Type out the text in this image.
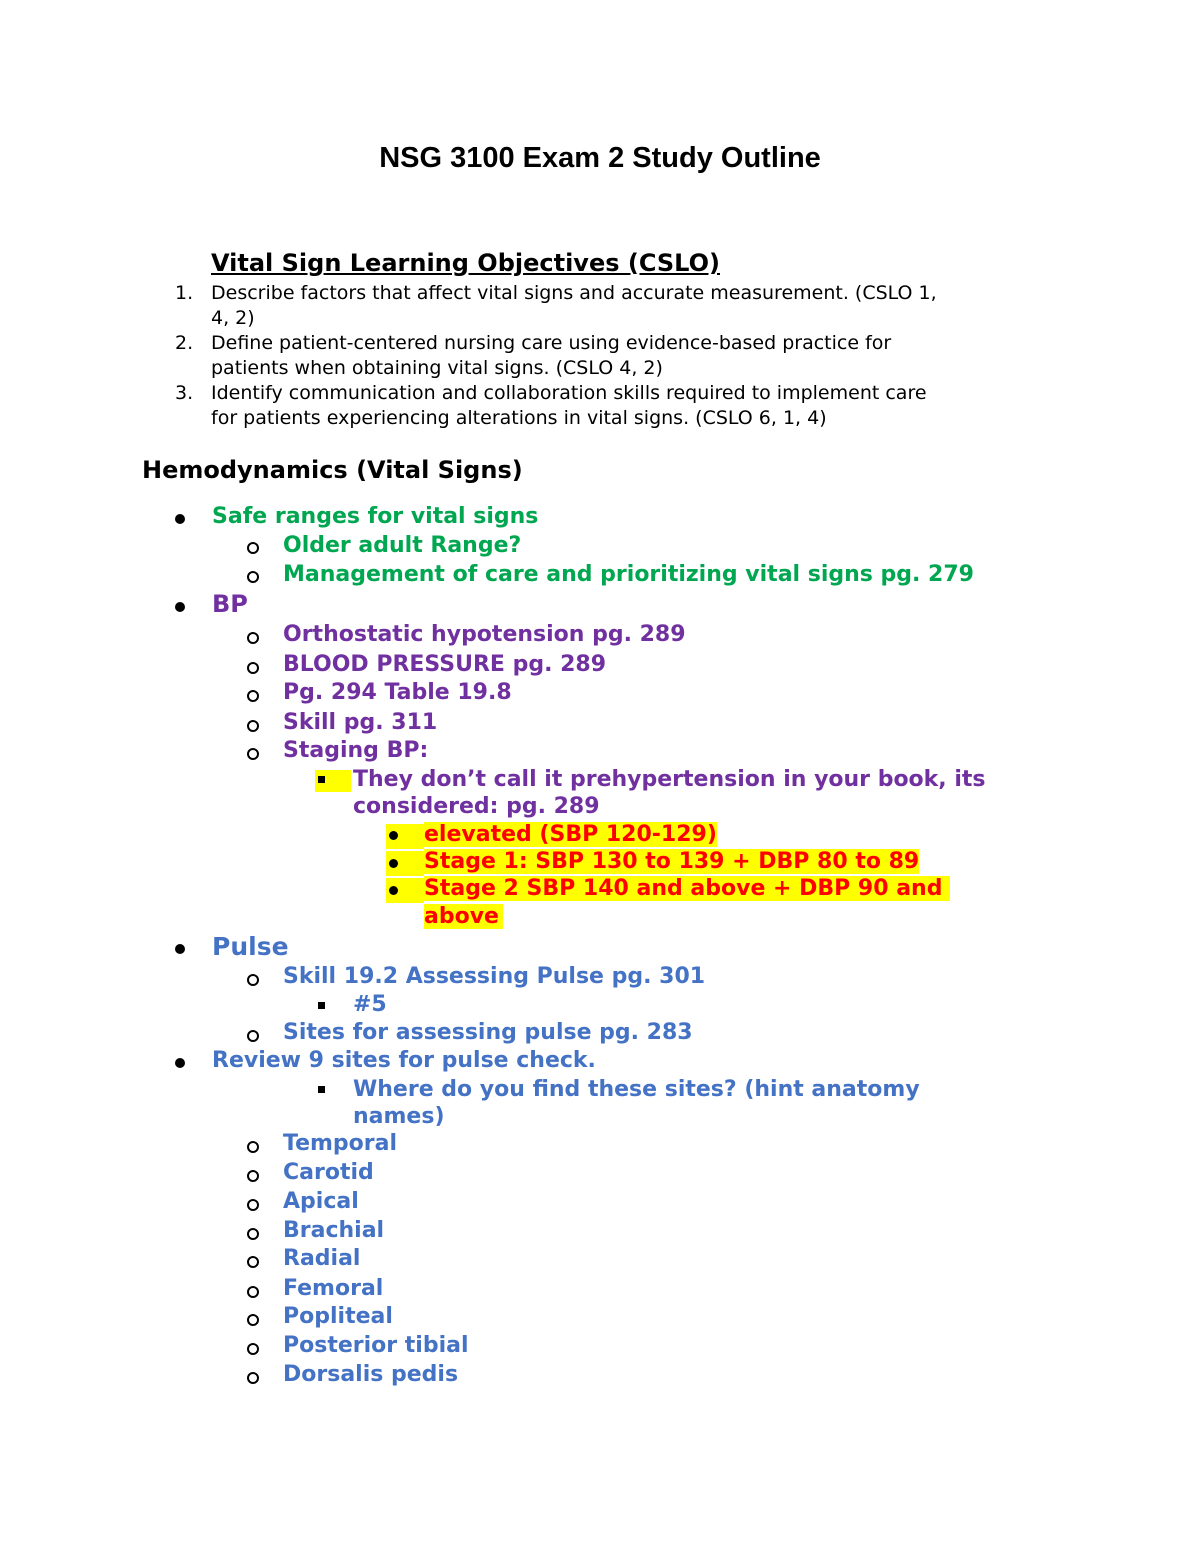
NSG 3100 Exam 2 Study Outline
Vital Sign Learning Objectives (CSLO)
1. Describe factors that affect vital signs and accurate measurement. (CSLO 1,
4, 2)
2. Define patient-centered nursing care using evidence-based practice for
patients when obtaining vital signs. (CSLO 4, 2)
3. Identify communication and collaboration skills required to implement care
for patients experiencing alterations in vital signs. (CSLO 6, 1, 4)
Hemodynamics (Vital Signs)
Safe ranges for vital signs
Older adult Range?
Management of care and prioritizing vital signs pg. 279
BP
Orthostatic hypotension pg. 289
BLOOD PRESSURE pg. 289
Pg. 294 Table 19.8
Skill pg. 311
Staging BP:
They don’t call it prehypertension in your book, its
considered: pg. 289
elevated (SBP 120-129)
Stage 1: SBP 130 to 139 + DBP 80 to 89
Stage 2 SBP 140 and above + DBP 90 and
above
Pulse
Skill 19.2 Assessing Pulse pg. 301
#5
Sites for assessing pulse pg. 283
Review 9 sites for pulse check.
Where do you find these sites? (hint anatomy
names)
Temporal
Carotid
Apical
Brachial
Radial
Femoral
Popliteal
Posterior tibial
Dorsalis pedis
